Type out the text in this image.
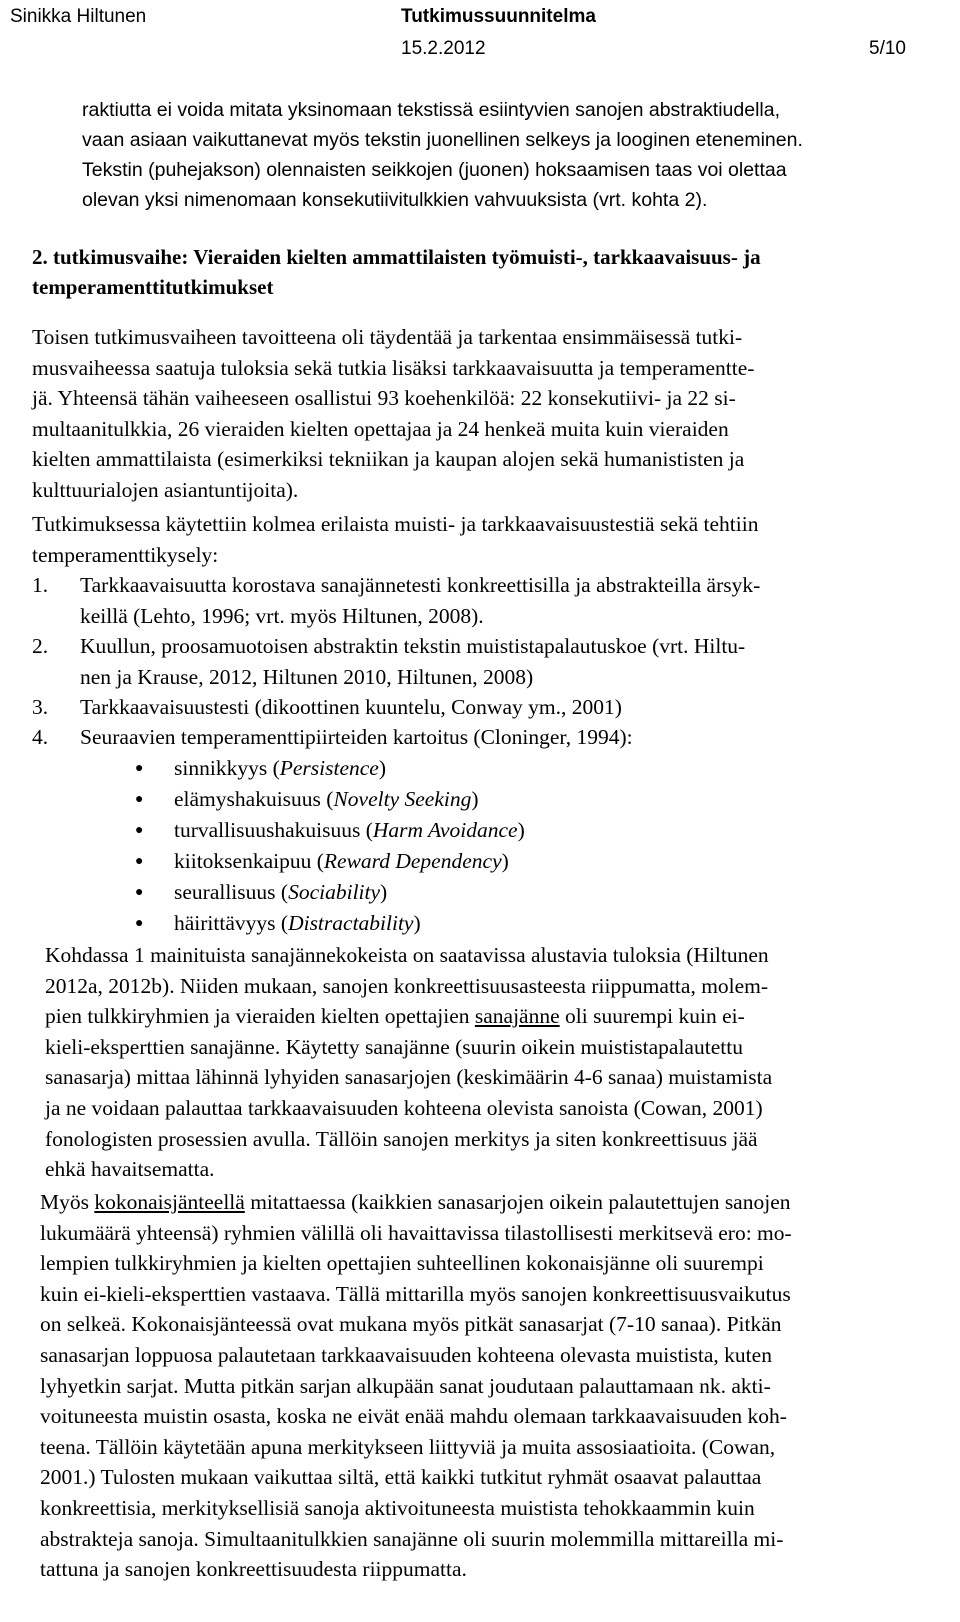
Sinikka Hiltunen	Tutkimussuunnitelma
15.2.2012	5/10
raktiutta ei voida mitata yksinomaan tekstissä esiintyvien sanojen abstraktiudella,
vaan asiaan vaikuttanevat myös tekstin juonellinen selkeys ja looginen eteneminen.
Tekstin (puhejakson) olennaisten seikkojen (juonen) hoksaamisen taas voi olettaa
olevan yksi nimenomaan konsekutiivitulkkien vahvuuksista (vrt. kohta 2).
2. tutkimusvaihe: Vieraiden kielten ammattilaisten työmuisti-, tarkkaavaisuus- ja
temperamenttitutkimukset
Toisen tutkimusvaiheen tavoitteena oli täydentää ja tarkentaa ensimmäisessä tutki-
musvaiheessa saatuja tuloksia sekä tutkia lisäksi tarkkaavaisuutta ja temperamentte-
jä. Yhteensä tähän vaiheeseen osallistui 93 koehenkilöä: 22 konsekutiivi- ja 22 si-
multaanitulkkia, 26 vieraiden kielten opettajaa ja 24 henkeä muita kuin vieraiden
kielten ammattilaista (esimerkiksi tekniikan ja kaupan alojen sekä humanististen ja
kulttuurialojen asiantuntijoita).
Tutkimuksessa käytettiin kolmea erilaista muisti- ja tarkkaavaisuustestiä sekä tehtiin
temperamenttikysely:
1. Tarkkaavaisuutta korostava sanajännetesti konkreettisilla ja abstrakteilla ärsyk-
keillä (Lehto, 1996; vrt. myös Hiltunen, 2008).
2. Kuullun, proosamuotoisen abstraktin tekstin muististapalautuskoe (vrt. Hiltu-
nen ja Krause, 2012, Hiltunen 2010, Hiltunen, 2008)
3. Tarkkaavaisuustesti (dikoottinen kuuntelu, Conway ym., 2001)
4. Seuraavien temperamenttipiirteiden kartoitus (Cloninger, 1994):
● sinnikkyys (Persistence)
● elämyshakuisuus (Novelty Seeking)
● turvallisuushakuisuus (Harm Avoidance)
● kiitoksenkaipuu (Reward Dependency)
● seurallisuus (Sociability)
● häirittävyys (Distractability)
Kohdassa 1 mainituista sanajännekokeista on saatavissa alustavia tuloksia (Hiltunen
2012a, 2012b). Niiden mukaan, sanojen konkreettisuusasteesta riippumatta, molem-
pien tulkkiryhmien ja vieraiden kielten opettajien sanajänne oli suurempi kuin ei-
kieli-eksperttien sanajänne. Käytetty sanajänne (suurin oikein muististapalautettu
sanasarja) mittaa lähinnä lyhyiden sanasarjojen (keskimäärin 4-6 sanaa) muistamista
ja ne voidaan palauttaa tarkkaavaisuuden kohteena olevista sanoista (Cowan, 2001)
fonologisten prosessien avulla. Tällöin sanojen merkitys ja siten konkreettisuus jää
ehkä havaitsematta.
Myös kokonaisjänteellä mitattaessa (kaikkien sanasarjojen oikein palautettujen sanojen
lukumäärä yhteensä) ryhmien välillä oli havaittavissa tilastollisesti merkitsevä ero: mo-
lempien tulkkiryhmien ja kielten opettajien suhteellinen kokonaisjänne oli suurempi
kuin ei-kieli-eksperttien vastaava. Tällä mittarilla myös sanojen konkreettisuusvaikutus
on selkeä. Kokonaisjänteessä ovat mukana myös pitkät sanasarjat (7-10 sanaa). Pitkän
sanasarjan loppuosa palautetaan tarkkaavaisuuden kohteena olevasta muistista, kuten
lyhyetkin sarjat. Mutta pitkän sarjan alkupään sanat joudutaan palauttamaan nk. akti-
voituneesta muistin osasta, koska ne eivät enää mahdu olemaan tarkkaavaisuuden koh-
teena. Tällöin käytetään apuna merkitykseen liittyviä ja muita assosiaatioita. (Cowan,
2001.) Tulosten mukaan vaikuttaa siltä, että kaikki tutkitut ryhmät osaavat palauttaa
konkreettisia, merkityksellisiä sanoja aktivoituneesta muistista tehokkaammin kuin
abstrakteja sanoja. Simultaanitulkkien sanajänne oli suurin molemmilla mittareilla mi-
tattuna ja sanojen konkreettisuudesta riippumatta.
